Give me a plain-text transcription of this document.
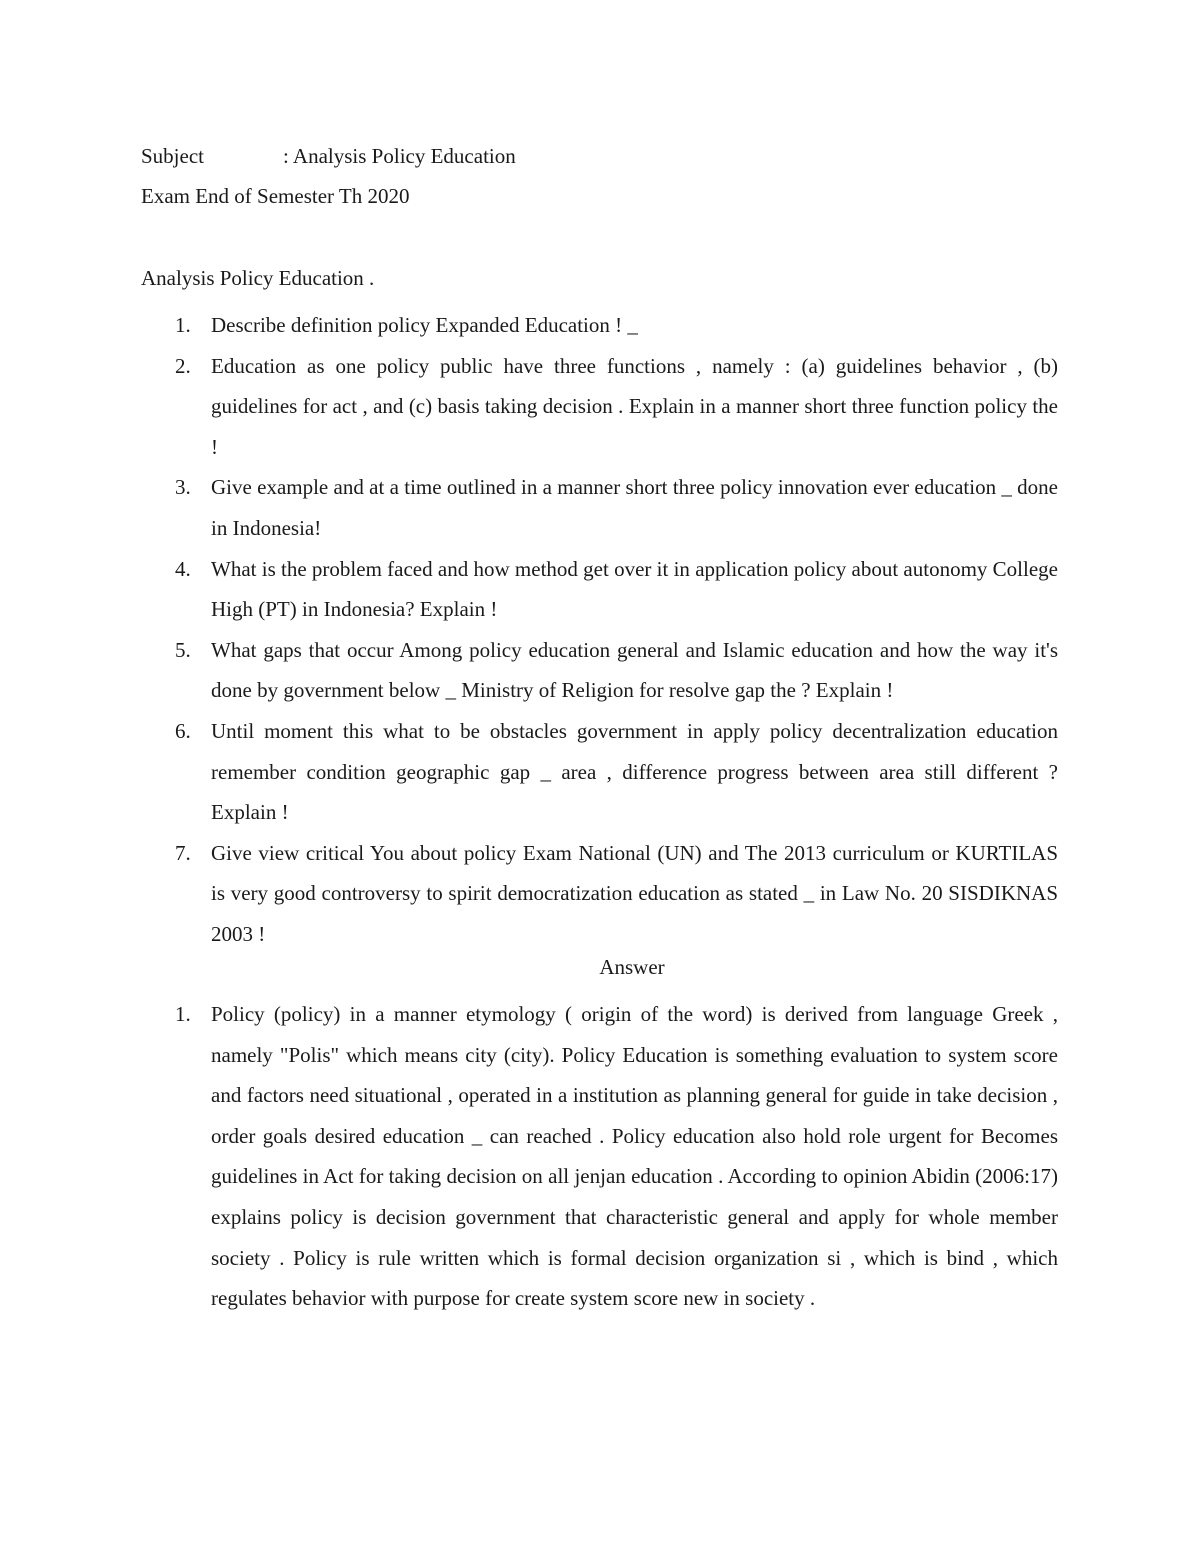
Subject	: Analysis Policy Education
Exam End of Semester Th 2020
Analysis Policy Education .
1. Describe definition policy Expanded Education ! _
2. Education as one policy public have three functions , namely : (a) guidelines behavior , (b) guidelines for act , and (c) basis taking decision . Explain in a manner short three function policy the !
3. Give example and at a time outlined in a manner short three policy innovation ever education _ done in Indonesia!
4. What is the problem faced and how method get over it in application policy about autonomy College High (PT) in Indonesia? Explain !
5. What gaps that occur Among policy education general and Islamic education and how the way it's done by government below _ Ministry of Religion for resolve gap the ? Explain !
6. Until moment this what to be obstacles government in apply policy decentralization education remember condition geographic gap _ area , difference progress between area still different ? Explain !
7. Give view critical You about policy Exam National (UN) and The 2013 curriculum or KURTILAS is very good controversy to spirit democratization education as stated _ in Law No. 20 SISDIKNAS 2003 !
Answer
1. Policy (policy) in a manner etymology ( origin of the word) is derived from language Greek , namely "Polis" which means city (city). Policy Education is something evaluation to system score and factors need situational , operated in a institution as planning general for guide in take decision , order goals desired education _ can reached . Policy education also hold role urgent for Becomes guidelines in Act for taking decision on all jenjan education . According to opinion Abidin (2006:17) explains policy is decision government that characteristic general and apply for whole member society . Policy is rule written which is formal decision organization si , which is bind , which regulates behavior with purpose for create system score new in society .
